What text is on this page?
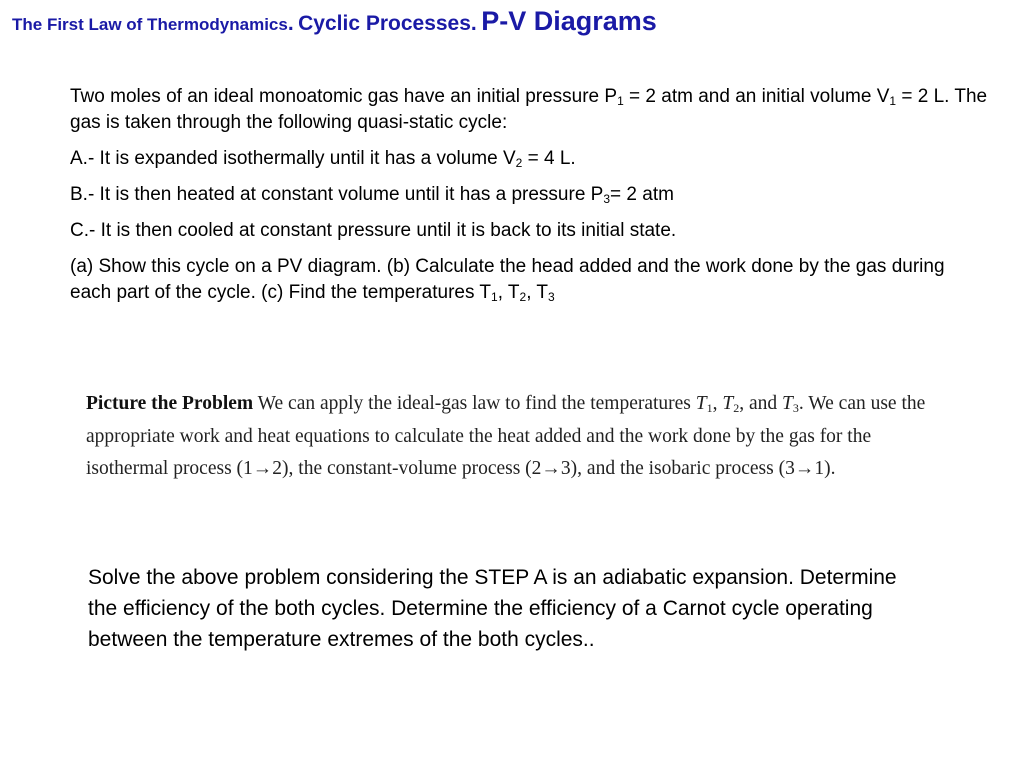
The First Law of Thermodynamics. Cyclic Processes. P-V Diagrams

Two moles of an ideal monoatomic gas have an initial pressure $P_1 = 2$ atm and an initial volume $V_1 = 2$ L. The gas is taken through the following quasi-static cycle:

A.- It is expanded isothermally until it has a volume $V_2 = 4$ L.

B.- It is then heated at constant volume until it has a pressure $P_3= 2$ atm

C.- It is then cooled at constant pressure until it is back to its initial state.

(a) Show this cycle on a PV diagram. (b) Calculate the head added and the work done by the gas during each part of the cycle. (c) Find the temperatures $T_1$, $T_2$, $T_3$

Picture the Problem We can apply the ideal-gas law to find the temperatures $T_1$, $T_2$, and $T_3$. We can use the appropriate work and heat equations to calculate the heat added and the work done by the gas for the isothermal process (1→2), the constant-volume process (2→3), and the isobaric process (3→1).
Solve the above problem considering the STEP A is an adiabatic expansion. Determine the efficiency of the both cycles. Determine the efficiency of a Carnot cycle operating between the temperature extremes of the both cycles..
